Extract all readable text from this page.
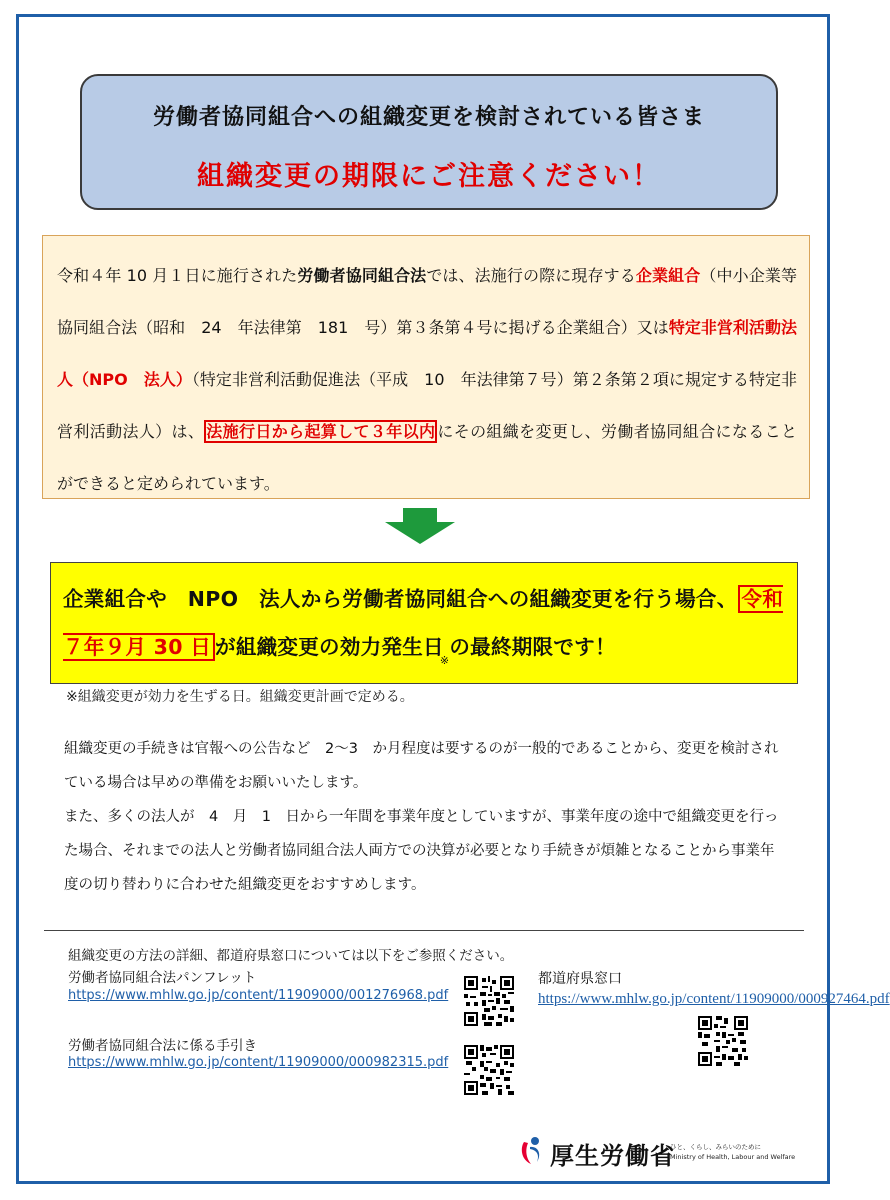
労働者協同組合への組織変更を検討されている皆さま
組織変更の期限にご注意ください！
令和４年 10 月１日に施行された労働者協同組合法では、法施行の際に現存する企業組合（中小企業等協同組合法（昭和　24　年法律第　181　号）第３条第４号に掲げる企業組合）又は特定非営利活動法人（NPO　法人）（特定非営利活動促進法（平成　10　年法律第７号）第２条第２項に規定する特定非営利活動法人）は、 法施行日から起算して３年以内 にその組織を変更し、労働者協同組合になることができると定められています。
企業組合や　NPO　法人から労働者協同組合への組織変更を行う場合、 令和７年９月 30 日 が組織変更の効力発生日$_※$の最終期限です！
※組織変更が効力を生ずる日。組織変更計画で定める。
組織変更の手続きは官報への公告など　2〜3　か月程度は要するのが一般的であることから、変更を検討されている場合は早めの準備をお願いいたします。
また、多くの法人が　4　月　1　日から一年間を事業年度としていますが、事業年度の途中で組織変更を行った場合、それまでの法人と労働者協同組合法人両方での決算が必要となり手続きが煩雑となることから事業年度の切り替わりに合わせた組織変更をおすすめします。
組織変更の方法の詳細、都道府県窓口については以下をご参照ください。
労働者協同組合法パンフレット
https://www.mhlw.go.jp/content/11909000/001276968.pdf
労働者協同組合法に係る手引き
https://www.mhlw.go.jp/content/11909000/000982315.pdf
都道府県窓口
https://www.mhlw.go.jp/content/11909000/000927464.pdf
厚生労働省
ひと、くらし、みらいのために
Ministry of Health, Labour and Welfare
